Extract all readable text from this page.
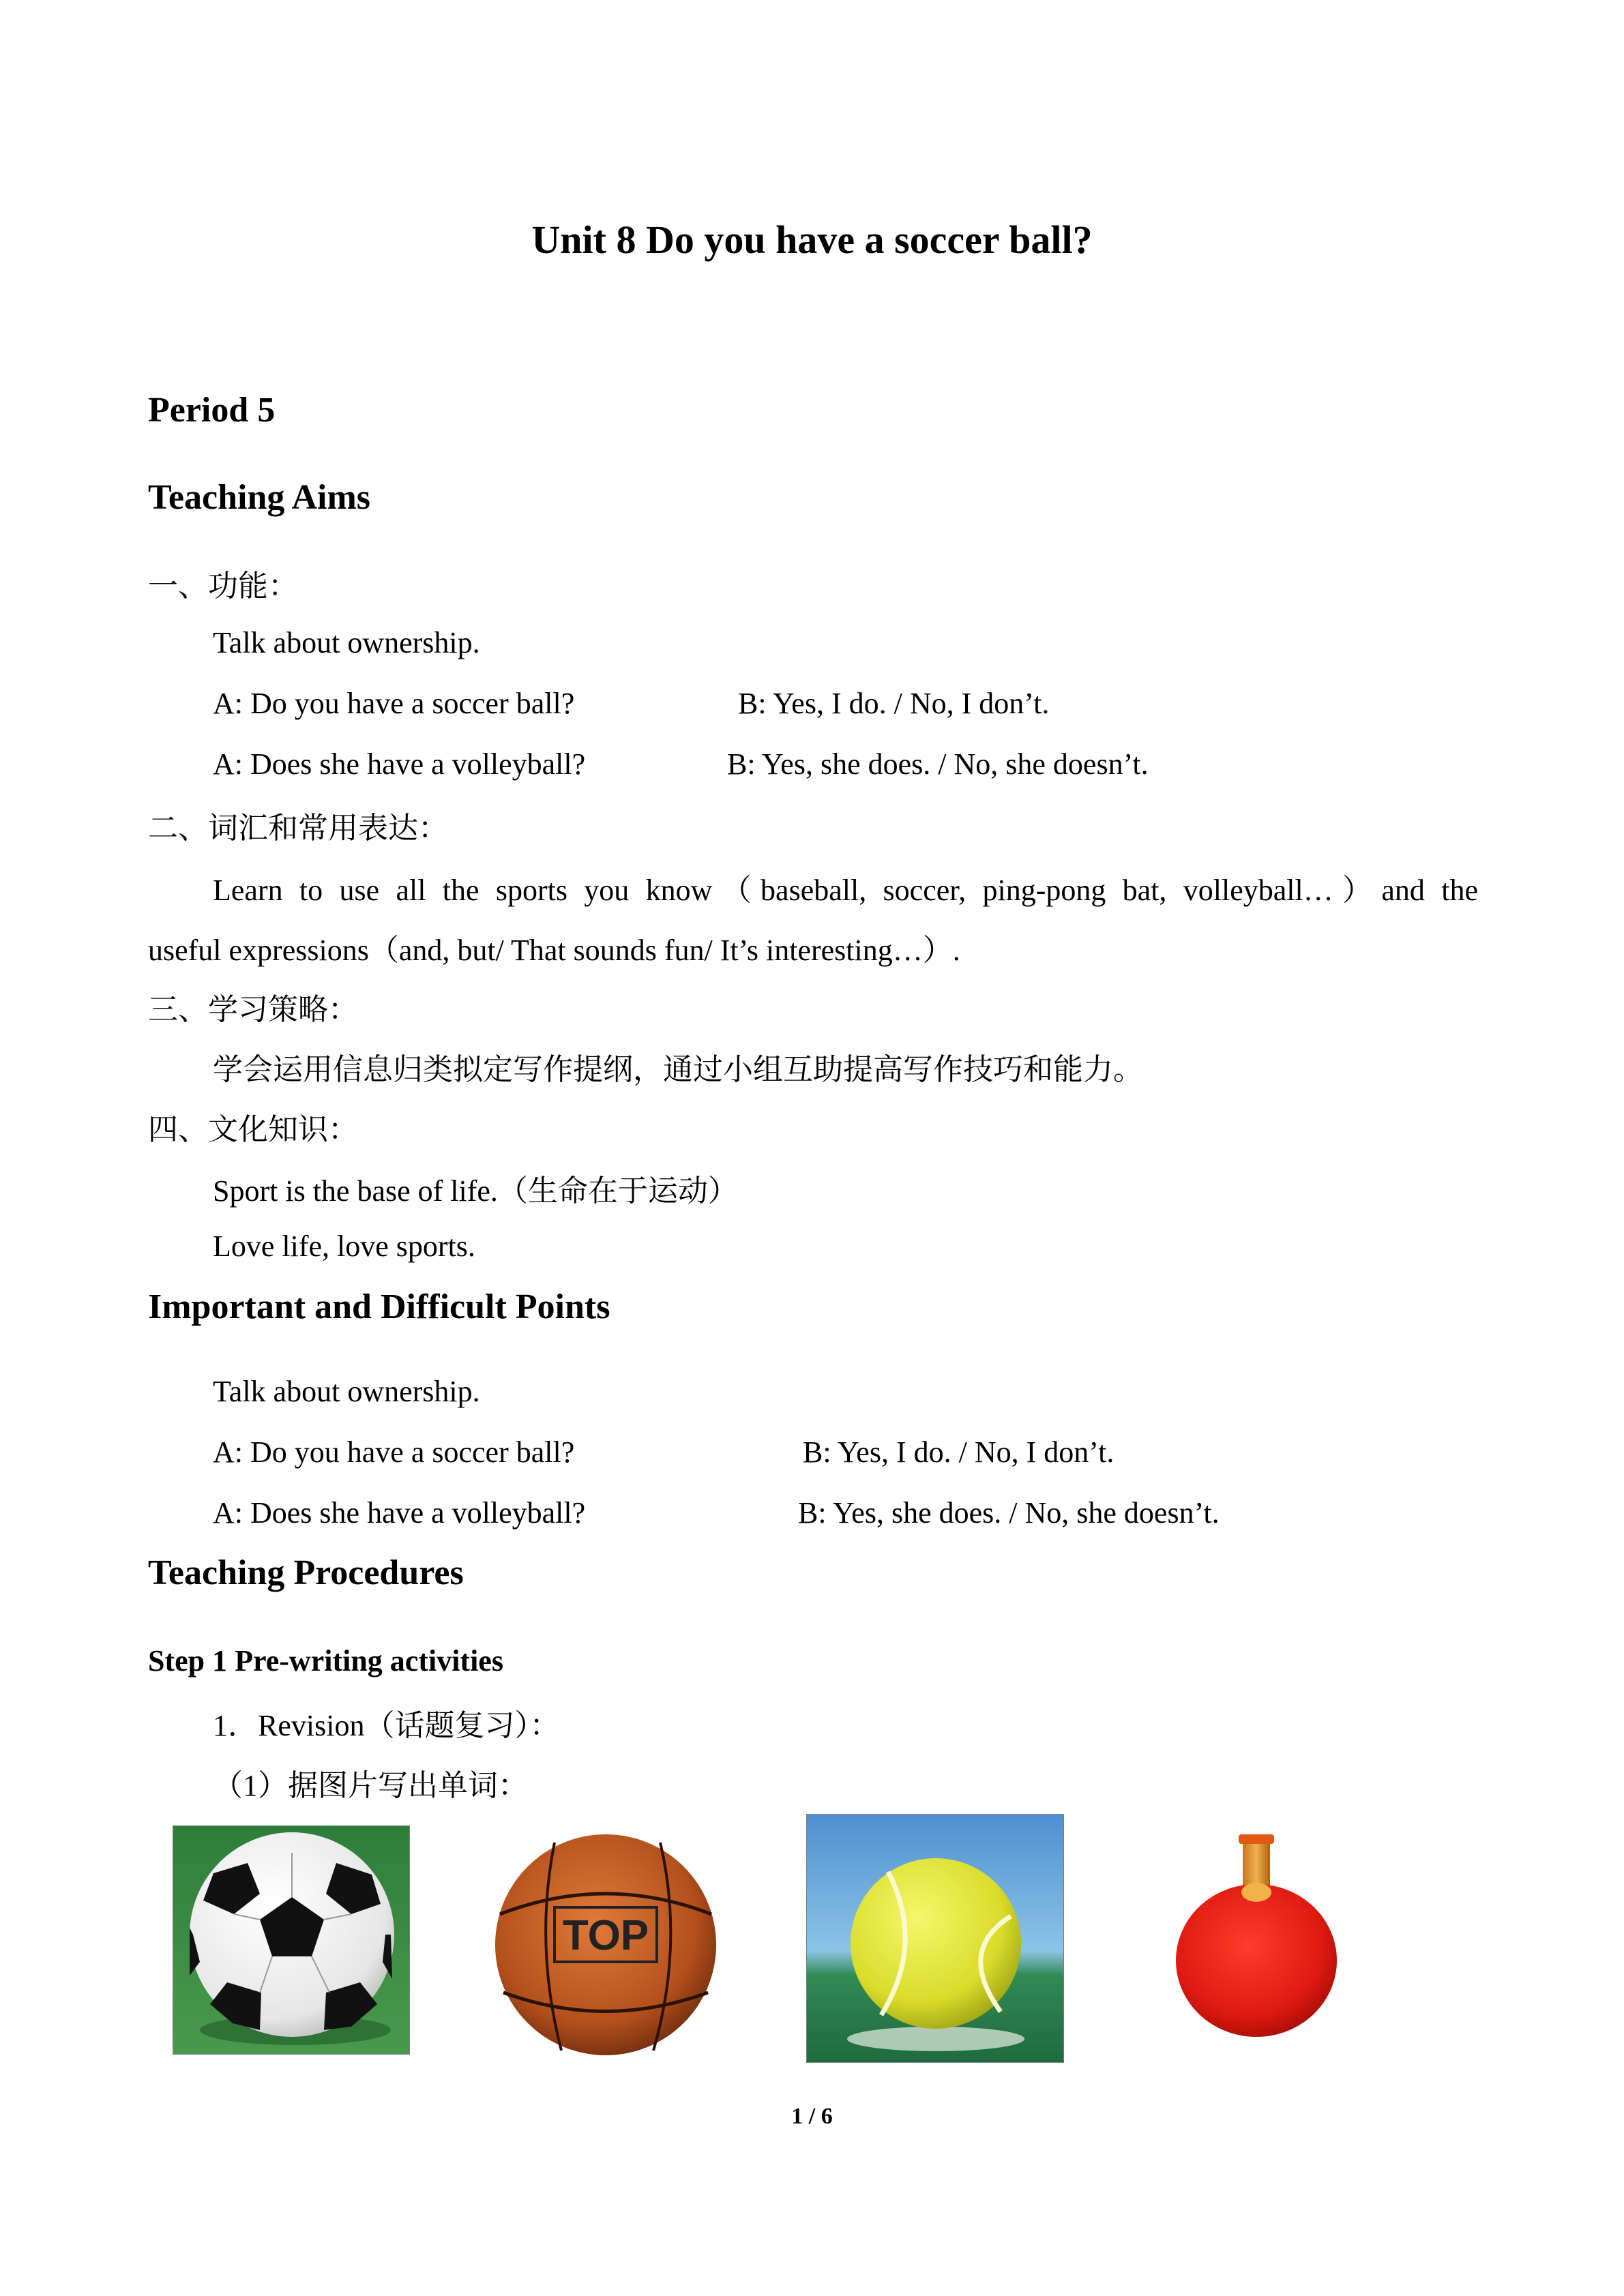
Unit 8 Do you have a soccer ball?
Period 5
Teaching Aims
一、功能：
Talk about ownership.
A: Do you have a soccer ball?	B: Yes, I do. / No, I don’t.
A: Does she have a volleyball?	B: Yes, she does. / No, she doesn’t.
二、词汇和常用表达：
Learn to use all the sports you know（baseball, soccer, ping-pong bat, volleyball…）and the
useful expressions（and, but/ That sounds fun/ It’s interesting…）.
三、学习策略：
学会运用信息归类拟定写作提纲，通过小组互助提高写作技巧和能力。
四、文化知识：
Sport is the base of life.（生命在于运动）
Love life, love sports.
Important and Difficult Points
Talk about ownership.
A: Do you have a soccer ball?	B: Yes, I do. / No, I don’t.
A: Does she have a volleyball?	B: Yes, she does. / No, she doesn’t.
Teaching Procedures
Step 1 Pre-writing activities
1．Revision（话题复习）：
（1）据图片写出单词：
TOP
1 / 6
